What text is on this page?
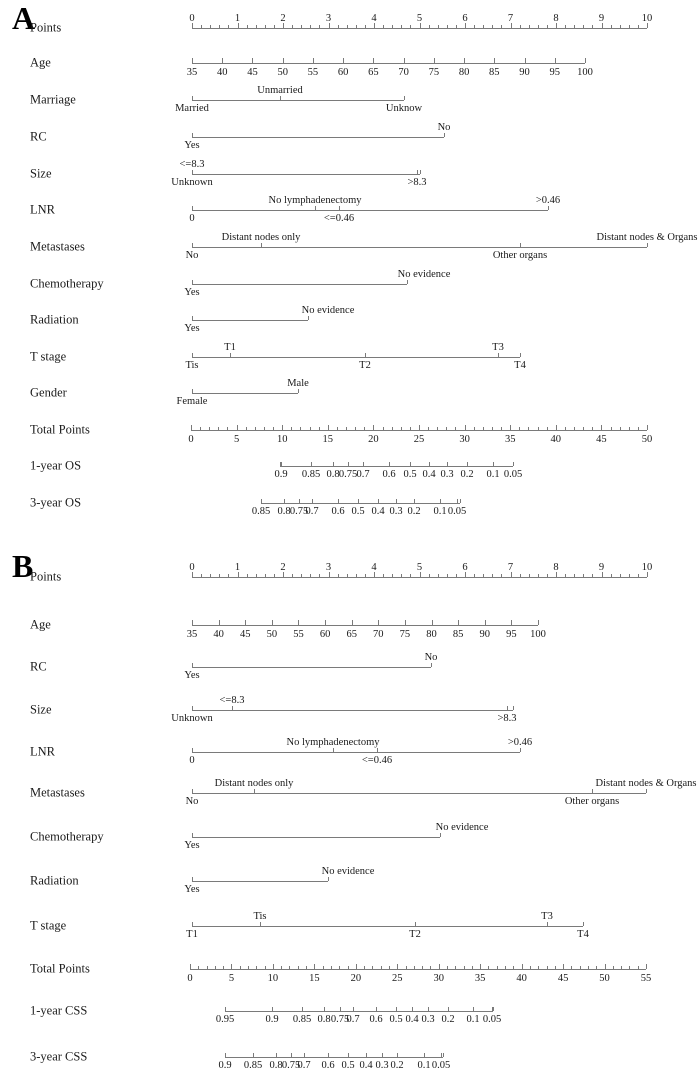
A
B
Points
0	1	2	3	4	5	6	7	8	9	10
Age
35 40 45 50 55 60 65 70 75 80 85 90 95 100
Marriage
Unmarried
Married	Unknow
RC
No
Yes
Size
<=8.3
Unknown	>8.3
LNR
No lymphadenectomy	>0.46
0	<=0.46
Metastases
Distant nodes only	Distant nodes & Organs
No	Other organs
Chemotherapy
No evidence
Yes
Radiation
No evidence
Yes
T stage
T1	T3
Tis	T2	T4
Gender
Male
Female
Total Points
0	5	10	15	20	25	30	35	40	45	50
1-year OS
0.9 0.85 0.8 0.75 0.7 0.6 0.5 0.4 0.3 0.2 0.1 0.05
3-year OS
0.85 0.8 0.75
0.7 0.6 0.5 0.4 0.3 0.2 0.1 0.05
Points
0	1	2	3	4	5	6	7	8	9	10
Age
35 40 45 50 55 60 65 70 75 80 85 90 95 100
RC
No
Yes
Size
<=8.3
Unknown	>8.3
LNR
No lymphadenectomy	>0.46
0	<=0.46
Metastases
Distant nodes only	Distant nodes & Organs
No	Other organs
Chemotherapy
No evidence
Yes
Radiation
No evidence
Yes
T stage
Tis	T3
T1	T2	T4
Total Points
0	5	10	15	20	25	30	35	40	45	50	55
1-year CSS
0.95	0.9 0.85 0.8 0.75
0.7 0.6 0.5 0.4 0.3 0.2 0.1 0.05
3-year CSS
0.9 0.85 0.8 0.75
0.7 0.6 0.5 0.4 0.3 0.2 0.1 0.05
